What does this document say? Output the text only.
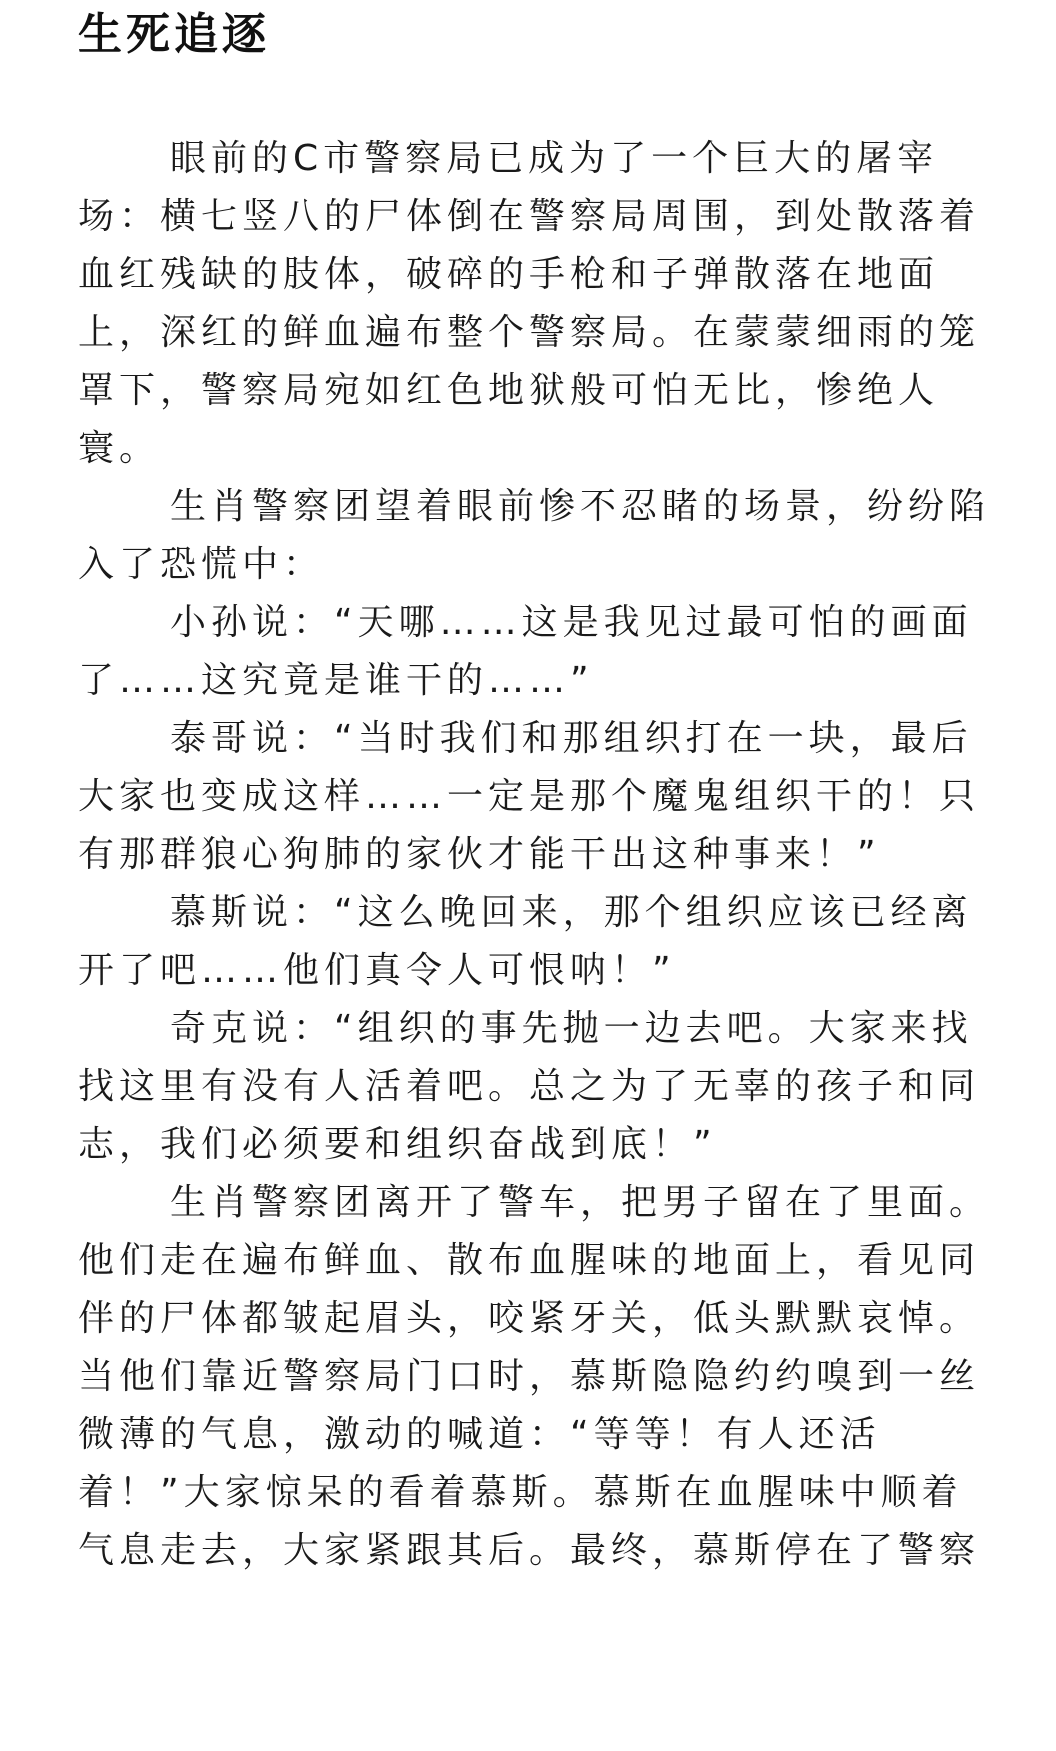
生死追逐

眼前的C市警察局已成为了一个巨大的屠宰场：横七竖八的尸体倒在警察局周围，到处散落着血红残缺的肢体，破碎的手枪和子弹散落在地面上，深红的鲜血遍布整个警察局。在蒙蒙细雨的笼罩下，警察局宛如红色地狱般可怕无比，惨绝人寰。

生肖警察团望着眼前惨不忍睹的场景，纷纷陷入了恐慌中：

小孙说：“天哪……这是我见过最可怕的画面了……这究竟是谁干的……”

泰哥说：“当时我们和那组织打在一块，最后大家也变成这样……一定是那个魔鬼组织干的！只有那群狼心狗肺的家伙才能干出这种事来！”

慕斯说：“这么晚回来，那个组织应该已经离开了吧……他们真令人可恨呐！”

奇克说：“组织的事先抛一边去吧。大家来找找这里有没有人活着吧。总之为了无辜的孩子和同志，我们必须要和组织奋战到底！”

生肖警察团离开了警车，把男子留在了里面。他们走在遍布鲜血、散布血腥味的地面上，看见同伴的尸体都皱起眉头，咬紧牙关，低头默默哀悼。当他们靠近警察局门口时，慕斯隐隐约约嗅到一丝微薄的气息，激动的喊道：“等等！有人还活着！”大家惊呆的看着慕斯。慕斯在血腥味中顺着气息走去，大家紧跟其后。最终，慕斯停在了警察
